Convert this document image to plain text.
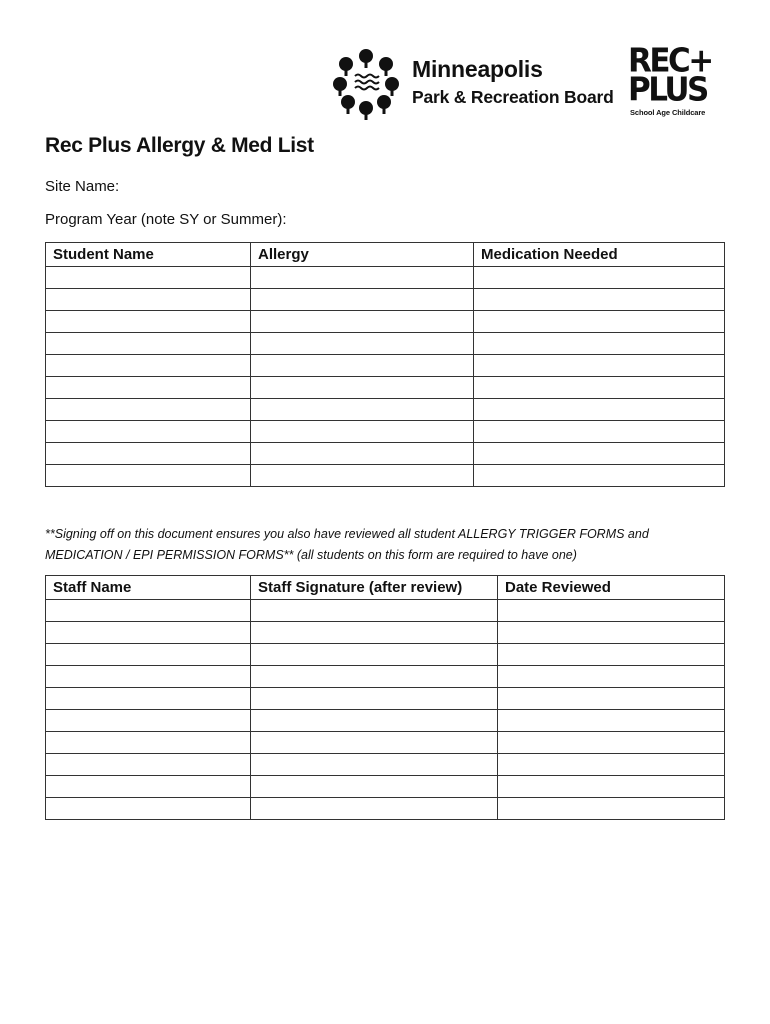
Minneapolis
Park & Recreation Board
REC+
PLUS
School Age Childcare
Rec Plus Allergy & Med List
Site Name:
Program Year (note SY or Summer):
Student Name	Allergy	Medication Needed

**Signing off on this document ensures you also have reviewed all student ALLERGY TRIGGER FORMS and
MEDICATION / EPI PERMISSION FORMS** (all students on this form are required to have one)
Staff Name	Staff Signature (after review)	Date Reviewed
